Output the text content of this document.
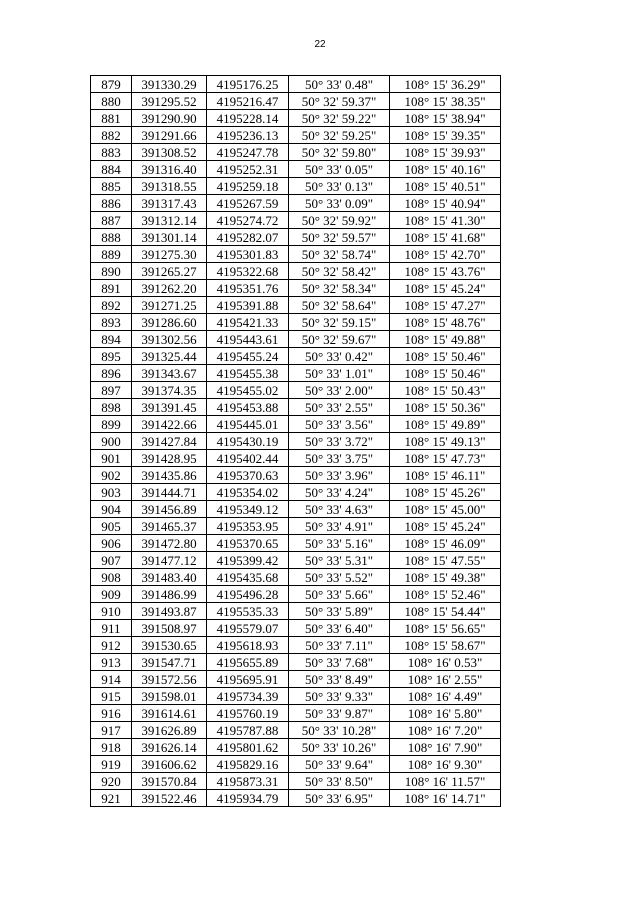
22
879	391330.29	4195176.25	50° 33' 0.48"	108° 15' 36.29"
880	391295.52	4195216.47	50° 32' 59.37"	108° 15' 38.35"
881	391290.90	4195228.14	50° 32' 59.22"	108° 15' 38.94"
882	391291.66	4195236.13	50° 32' 59.25"	108° 15' 39.35"
883	391308.52	4195247.78	50° 32' 59.80"	108° 15' 39.93"
884	391316.40	4195252.31	50° 33' 0.05"	108° 15' 40.16"
885	391318.55	4195259.18	50° 33' 0.13"	108° 15' 40.51"
886	391317.43	4195267.59	50° 33' 0.09"	108° 15' 40.94"
887	391312.14	4195274.72	50° 32' 59.92"	108° 15' 41.30"
888	391301.14	4195282.07	50° 32' 59.57"	108° 15' 41.68"
889	391275.30	4195301.83	50° 32' 58.74"	108° 15' 42.70"
890	391265.27	4195322.68	50° 32' 58.42"	108° 15' 43.76"
891	391262.20	4195351.76	50° 32' 58.34"	108° 15' 45.24"
892	391271.25	4195391.88	50° 32' 58.64"	108° 15' 47.27"
893	391286.60	4195421.33	50° 32' 59.15"	108° 15' 48.76"
894	391302.56	4195443.61	50° 32' 59.67"	108° 15' 49.88"
895	391325.44	4195455.24	50° 33' 0.42"	108° 15' 50.46"
896	391343.67	4195455.38	50° 33' 1.01"	108° 15' 50.46"
897	391374.35	4195455.02	50° 33' 2.00"	108° 15' 50.43"
898	391391.45	4195453.88	50° 33' 2.55"	108° 15' 50.36"
899	391422.66	4195445.01	50° 33' 3.56"	108° 15' 49.89"
900	391427.84	4195430.19	50° 33' 3.72"	108° 15' 49.13"
901	391428.95	4195402.44	50° 33' 3.75"	108° 15' 47.73"
902	391435.86	4195370.63	50° 33' 3.96"	108° 15' 46.11"
903	391444.71	4195354.02	50° 33' 4.24"	108° 15' 45.26"
904	391456.89	4195349.12	50° 33' 4.63"	108° 15' 45.00"
905	391465.37	4195353.95	50° 33' 4.91"	108° 15' 45.24"
906	391472.80	4195370.65	50° 33' 5.16"	108° 15' 46.09"
907	391477.12	4195399.42	50° 33' 5.31"	108° 15' 47.55"
908	391483.40	4195435.68	50° 33' 5.52"	108° 15' 49.38"
909	391486.99	4195496.28	50° 33' 5.66"	108° 15' 52.46"
910	391493.87	4195535.33	50° 33' 5.89"	108° 15' 54.44"
911	391508.97	4195579.07	50° 33' 6.40"	108° 15' 56.65"
912	391530.65	4195618.93	50° 33' 7.11"	108° 15' 58.67"
913	391547.71	4195655.89	50° 33' 7.68"	108° 16' 0.53"
914	391572.56	4195695.91	50° 33' 8.49"	108° 16' 2.55"
915	391598.01	4195734.39	50° 33' 9.33"	108° 16' 4.49"
916	391614.61	4195760.19	50° 33' 9.87"	108° 16' 5.80"
917	391626.89	4195787.88	50° 33' 10.28"	108° 16' 7.20"
918	391626.14	4195801.62	50° 33' 10.26"	108° 16' 7.90"
919	391606.62	4195829.16	50° 33' 9.64"	108° 16' 9.30"
920	391570.84	4195873.31	50° 33' 8.50"	108° 16' 11.57"
921	391522.46	4195934.79	50° 33' 6.95"	108° 16' 14.71"
